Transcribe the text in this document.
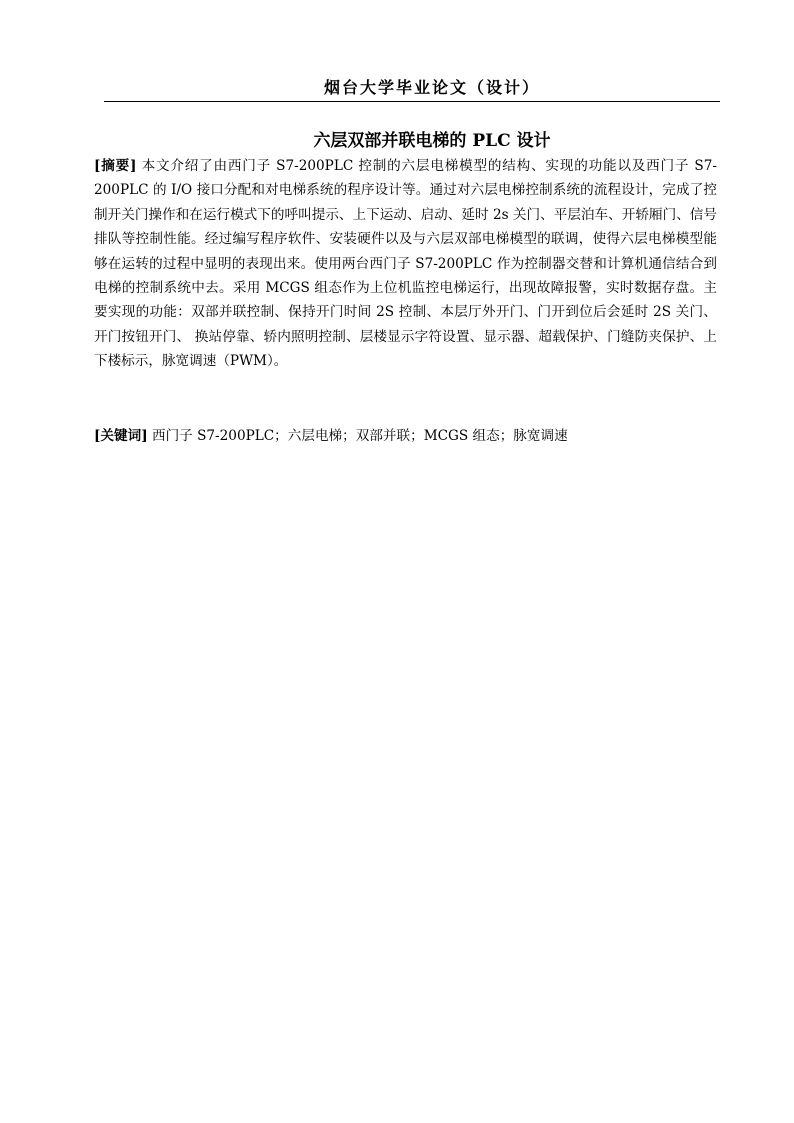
烟台大学毕业论文（设计）
六层双部并联电梯的 PLC 设计

[摘要] 本文介绍了由西门子 S7-200PLC 控制的六层电梯模型的结构、实现的功能以及西门子 S7-200PLC 的 I/O 接口分配和对电梯系统的程序设计等。通过对六层电梯控制系统的流程设计，完成了控制开关门操作和在运行模式下的呼叫提示、上下运动、启动、延时 2s 关门、平层泊车、开轿厢门、信号排队等控制性能。经过编写程序软件、安装硬件以及与六层双部电梯模型的联调，使得六层电梯模型能够在运转的过程中显明的表现出来。使用两台西门子 S7-200PLC 作为控制器交替和计算机通信结合到电梯的控制系统中去。采用 MCGS 组态作为上位机监控电梯运行，出现故障报警，实时数据存盘。主要实现的功能：双部并联控制、保持开门时间 2S 控制、本层厅外开门、门开到位后会延时 2S 关门、开门按钮开门、 换站停靠、轿内照明控制、层楼显示字符设置、显示器、超载保护、门缝防夹保护、上下楼标示，脉宽调速（PWM）。

[关键词] 西门子 S7-200PLC；六层电梯；双部并联；MCGS 组态；脉宽调速
